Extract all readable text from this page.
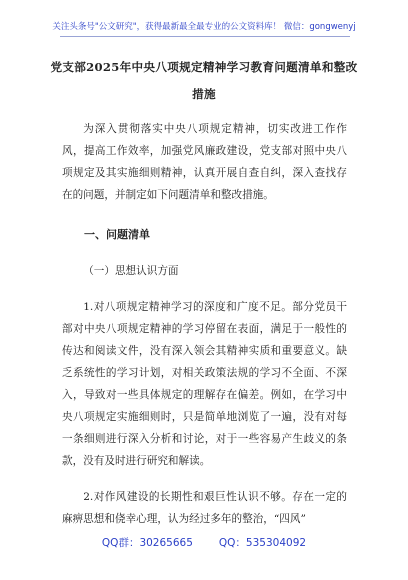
关注头条号"公文研究"，获得最新最全最专业的公文资料库！ 微信：gongwenyj
党支部2025年中央八项规定精神学习教育问题清单和整改措施

为深入贯彻落实中央八项规定精神，切实改进工作作风，提高工作效率，加强党风廉政建设，党支部对照中央八项规定及其实施细则精神，认真开展自查自纠，深入查找存在的问题，并制定如下问题清单和整改措施。

一、问题清单

（一）思想认识方面

1.对八项规定精神学习的深度和广度不足。部分党员干部对中央八项规定精神的学习停留在表面，满足于一般性的传达和阅读文件，没有深入领会其精神实质和重要意义。缺乏系统性的学习计划，对相关政策法规的学习不全面、不深入，导致对一些具体规定的理解存在偏差。例如，在学习中央八项规定实施细则时，只是简单地浏览了一遍，没有对每一条细则进行深入分析和讨论，对于一些容易产生歧义的条款，没有及时进行研究和解读。

2.对作风建设的长期性和艰巨性认识不够。存在一定的麻痹思想和侥幸心理，认为经过多年的整治，“四风”

QQ群：30265665 QQ：535304092
